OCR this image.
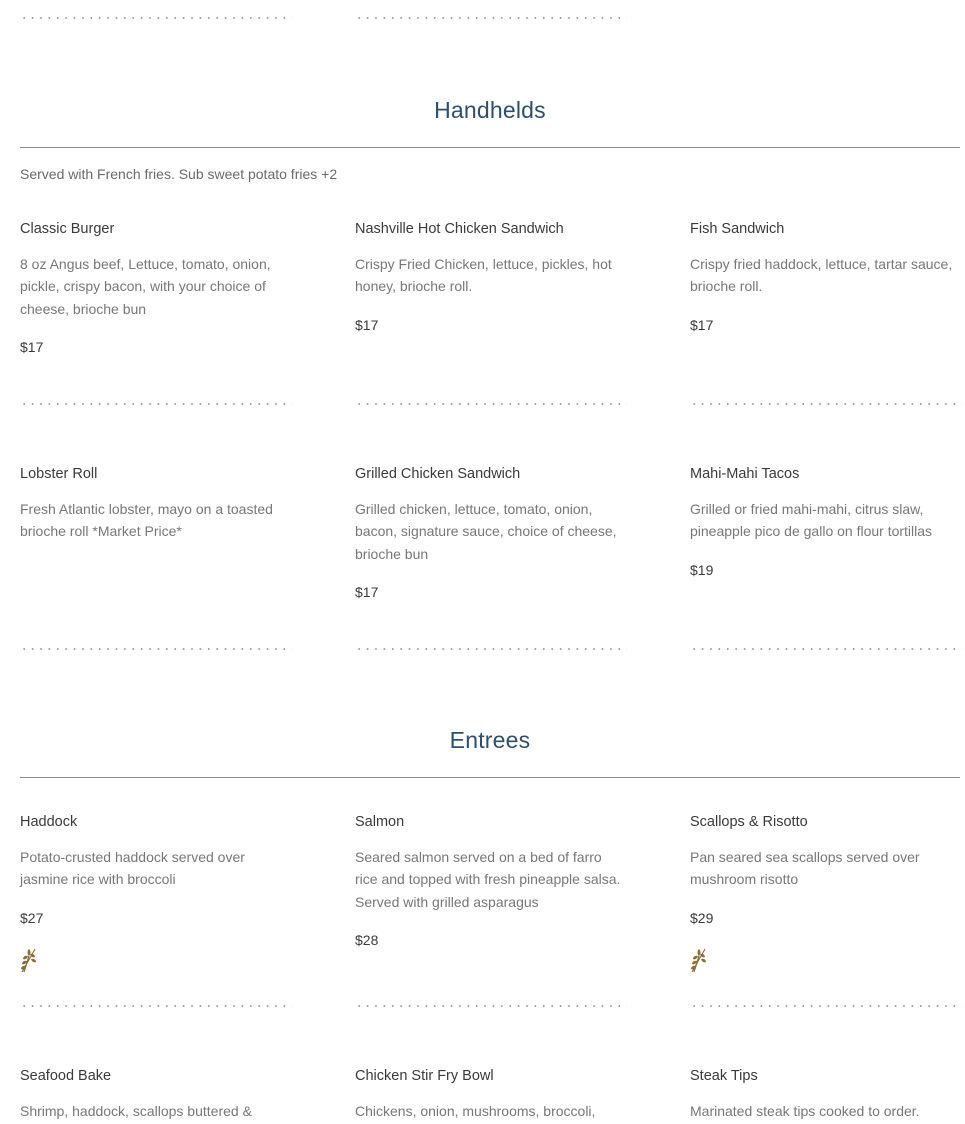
Handhelds
Served with French fries. Sub sweet potato fries +2
Classic Burger
8 oz Angus beef, Lettuce, tomato, onion, pickle, crispy bacon, with your choice of cheese, brioche bun
$17
Nashville Hot Chicken Sandwich
Crispy Fried Chicken, lettuce, pickles, hot honey, brioche roll.
$17
Fish Sandwich
Crispy fried haddock, lettuce, tartar sauce, brioche roll.
$17
Lobster Roll
Fresh Atlantic lobster, mayo on a toasted brioche roll *Market Price*
Grilled Chicken Sandwich
Grilled chicken, lettuce, tomato, onion, bacon, signature sauce, choice of cheese, brioche bun
$17
Mahi-Mahi Tacos
Grilled or fried mahi-mahi, citrus slaw, pineapple pico de gallo on flour tortillas
$19
Entrees
Haddock
Potato-crusted haddock served over jasmine rice with broccoli
$27
Salmon
Seared salmon served on a bed of farro rice and topped with fresh pineapple salsa. Served with grilled asparagus
$28
Scallops & Risotto
Pan seared sea scallops served over mushroom risotto
$29
Seafood Bake
Shrimp, haddock, scallops buttered &
Chicken Stir Fry Bowl
Chickens, onion, mushrooms, broccoli,
Steak Tips
Marinated steak tips cooked to order.
